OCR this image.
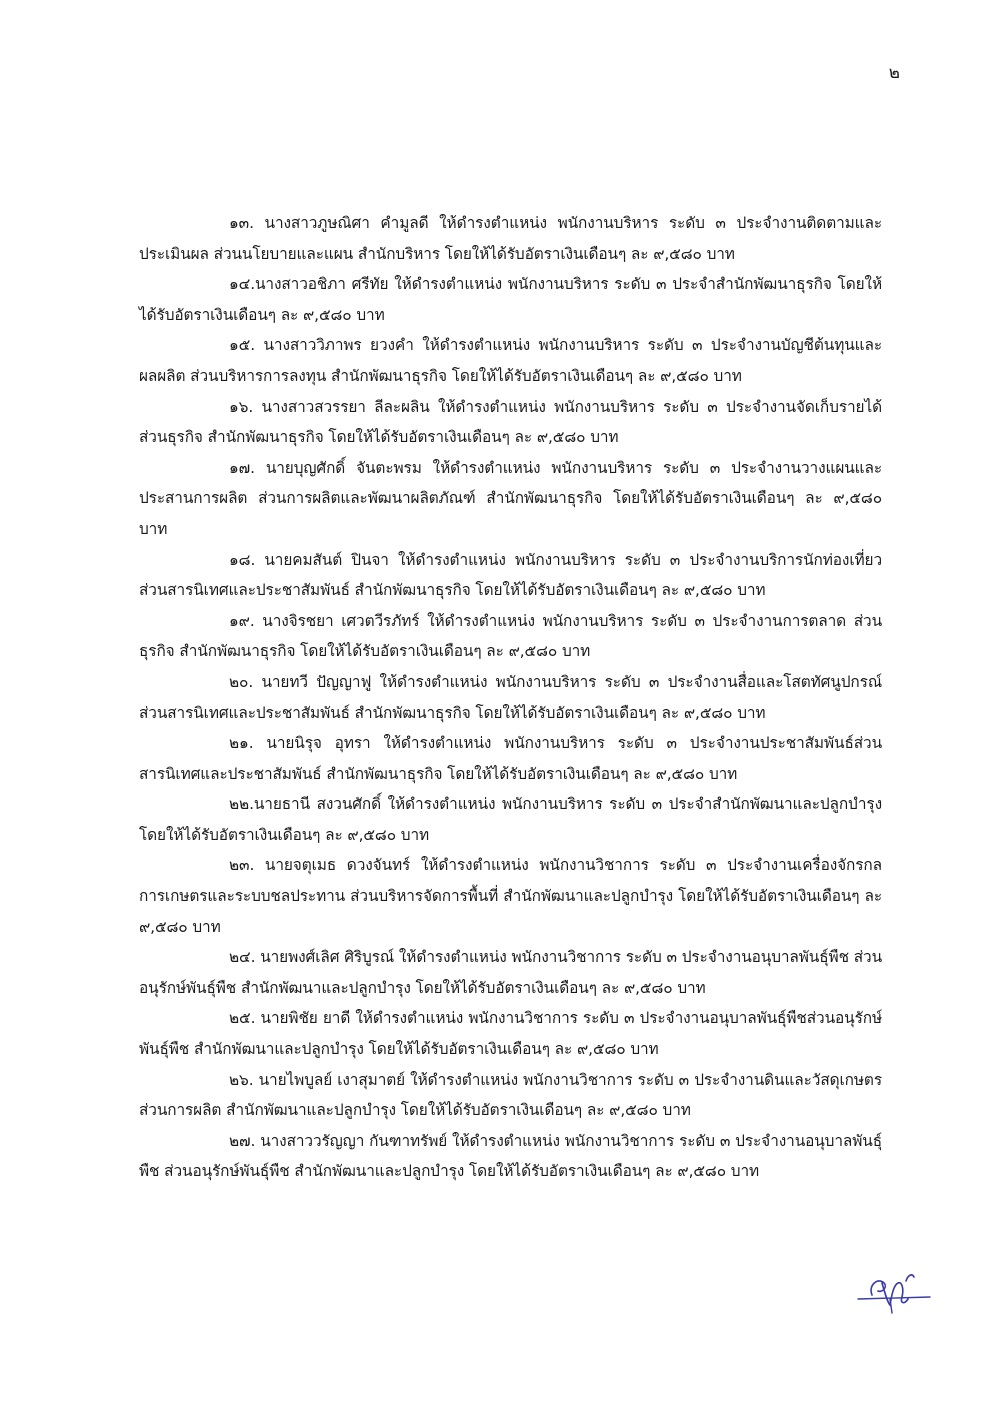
๒

๑๓. นางสาวภูษณิศา คำมูลดี ให้ดำรงตำแหน่ง พนักงานบริหาร ระดับ ๓ ประจำงานติดตามและประเมินผล ส่วนนโยบายและแผน สำนักบริหาร โดยให้ได้รับอัตราเงินเดือนๆ ละ ๙,๕๘๐ บาท

๑๔.นางสาวอชิภา ศรีทัย ให้ดำรงตำแหน่ง พนักงานบริหาร ระดับ ๓ ประจำสำนักพัฒนาธุรกิจ โดยให้ได้รับอัตราเงินเดือนๆ ละ ๙,๕๘๐ บาท

๑๕. นางสาววิภาพร ยวงคำ ให้ดำรงตำแหน่ง พนักงานบริหาร ระดับ ๓ ประจำงานบัญชีต้นทุนและผลผลิต ส่วนบริหารการลงทุน สำนักพัฒนาธุรกิจ โดยให้ได้รับอัตราเงินเดือนๆ ละ ๙,๕๘๐ บาท

๑๖. นางสาวสวรรยา ลีละผลิน ให้ดำรงตำแหน่ง พนักงานบริหาร ระดับ ๓ ประจำงานจัดเก็บรายได้ ส่วนธุรกิจ สำนักพัฒนาธุรกิจ โดยให้ได้รับอัตราเงินเดือนๆ ละ ๙,๕๘๐ บาท

๑๗. นายบุญศักดิ์ จันตะพรม ให้ดำรงตำแหน่ง พนักงานบริหาร ระดับ ๓ ประจำงานวางแผนและประสานการผลิต ส่วนการผลิตและพัฒนาผลิตภัณฑ์ สำนักพัฒนาธุรกิจ โดยให้ได้รับอัตราเงินเดือนๆ ละ ๙,๕๘๐ บาท

๑๘. นายคมสันต์ ปินจา ให้ดำรงตำแหน่ง พนักงานบริหาร ระดับ ๓ ประจำงานบริการนักท่องเที่ยว ส่วนสารนิเทศและประชาสัมพันธ์ สำนักพัฒนาธุรกิจ โดยให้ได้รับอัตราเงินเดือนๆ ละ ๙,๕๘๐ บาท

๑๙. นางจิรชยา เศวตวีรภัทร์ ให้ดำรงตำแหน่ง พนักงานบริหาร ระดับ ๓ ประจำงานการตลาด ส่วนธุรกิจ สำนักพัฒนาธุรกิจ โดยให้ได้รับอัตราเงินเดือนๆ ละ ๙,๕๘๐ บาท

๒๐. นายทวี ปัญญาฟู ให้ดำรงตำแหน่ง พนักงานบริหาร ระดับ ๓ ประจำงานสื่อและโสตทัศนูปกรณ์ ส่วนสารนิเทศและประชาสัมพันธ์ สำนักพัฒนาธุรกิจ โดยให้ได้รับอัตราเงินเดือนๆ ละ ๙,๕๘๐ บาท

๒๑. นายนิรุจ อุทรา ให้ดำรงตำแหน่ง พนักงานบริหาร ระดับ ๓ ประจำงานประชาสัมพันธ์ส่วนสารนิเทศและประชาสัมพันธ์ สำนักพัฒนาธุรกิจ โดยให้ได้รับอัตราเงินเดือนๆ ละ ๙,๕๘๐ บาท

๒๒.นายธานี สงวนศักดิ์ ให้ดำรงตำแหน่ง พนักงานบริหาร ระดับ ๓ ประจำสำนักพัฒนาและปลูกบำรุง โดยให้ได้รับอัตราเงินเดือนๆ ละ ๙,๕๘๐ บาท

๒๓. นายจตุเมธ ดวงจันทร์ ให้ดำรงตำแหน่ง พนักงานวิชาการ ระดับ ๓ ประจำงานเครื่องจักรกลการเกษตรและระบบชลประทาน ส่วนบริหารจัดการพื้นที่ สำนักพัฒนาและปลูกบำรุง โดยให้ได้รับอัตราเงินเดือนๆ ละ ๙,๕๘๐ บาท

๒๔. นายพงศ์เลิศ ศิริบูรณ์ ให้ดำรงตำแหน่ง พนักงานวิชาการ ระดับ ๓ ประจำงานอนุบาลพันธุ์พืช ส่วนอนุรักษ์พันธุ์พืช สำนักพัฒนาและปลูกบำรุง โดยให้ได้รับอัตราเงินเดือนๆ ละ ๙,๕๘๐ บาท

๒๕. นายพิชัย ยาดี ให้ดำรงตำแหน่ง พนักงานวิชาการ ระดับ ๓ ประจำงานอนุบาลพันธุ์พืชส่วนอนุรักษ์พันธุ์พืช สำนักพัฒนาและปลูกบำรุง โดยให้ได้รับอัตราเงินเดือนๆ ละ ๙,๕๘๐ บาท

๒๖. นายไพบูลย์ เงาสุมาตย์ ให้ดำรงตำแหน่ง พนักงานวิชาการ ระดับ ๓ ประจำงานดินและวัสดุเกษตร ส่วนการผลิต สำนักพัฒนาและปลูกบำรุง โดยให้ได้รับอัตราเงินเดือนๆ ละ ๙,๕๘๐ บาท

๒๗. นางสาววรัญญา กันฑาทรัพย์ ให้ดำรงตำแหน่ง พนักงานวิชาการ ระดับ ๓ ประจำงานอนุบาลพันธุ์พืช ส่วนอนุรักษ์พันธุ์พืช สำนักพัฒนาและปลูกบำรุง โดยให้ได้รับอัตราเงินเดือนๆ ละ ๙,๕๘๐ บาท
